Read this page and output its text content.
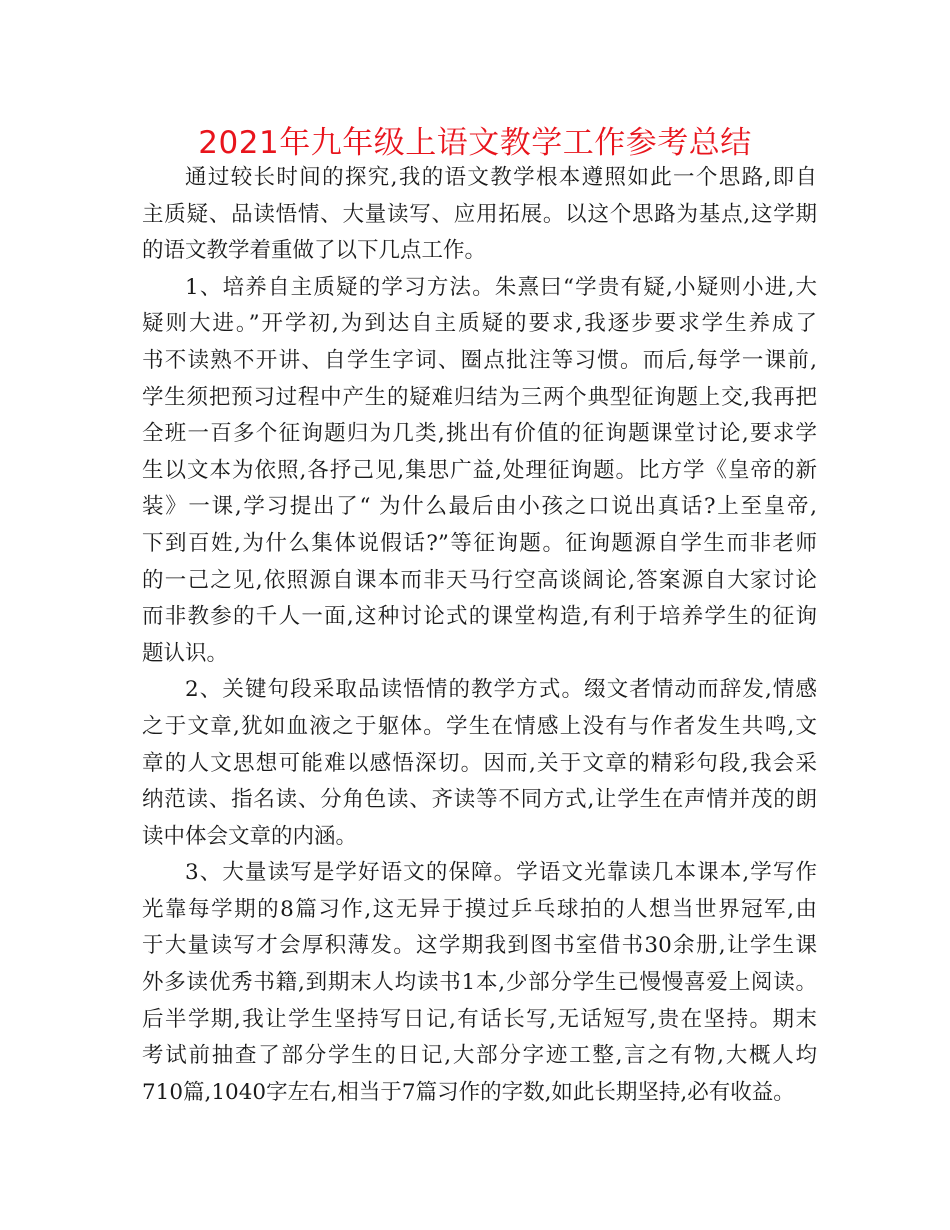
2021年九年级上语文教学工作参考总结
通过较长时间的探究,我的语文教学根本遵照如此一个思路,即自
主质疑、品读悟情、大量读写、应用拓展。以这个思路为基点,这学期
的语文教学着重做了以下几点工作。
1、培养自主质疑的学习方法。朱熹曰“学贵有疑,小疑则小进,大
疑则大进。”开学初,为到达自主质疑的要求,我逐步要求学生养成了
书不读熟不开讲、自学生字词、圈点批注等习惯。而后,每学一课前,
学生须把预习过程中产生的疑难归结为三两个典型征询题上交,我再把
全班一百多个征询题归为几类,挑出有价值的征询题课堂讨论,要求学
生以文本为依照,各抒己见,集思广益,处理征询题。比方学《皇帝的新
装》一课,学习提出了“ 为什么最后由小孩之口说出真话?上至皇帝,
下到百姓,为什么集体说假话?”等征询题。征询题源自学生而非老师
的一己之见,依照源自课本而非天马行空高谈阔论,答案源自大家讨论
而非教参的千人一面,这种讨论式的课堂构造,有利于培养学生的征询
题认识。
2、关键句段采取品读悟情的教学方式。缀文者情动而辞发,情感
之于文章,犹如血液之于躯体。学生在情感上没有与作者发生共鸣,文
章的人文思想可能难以感悟深切。因而,关于文章的精彩句段,我会采
纳范读、指名读、分角色读、齐读等不同方式,让学生在声情并茂的朗
读中体会文章的内涵。
3、大量读写是学好语文的保障。学语文光靠读几本课本,学写作
光靠每学期的8篇习作,这无异于摸过乒乓球拍的人想当世界冠军,由
于大量读写才会厚积薄发。这学期我到图书室借书30余册,让学生课
外多读优秀书籍,到期末人均读书1本,少部分学生已慢慢喜爱上阅读。
后半学期,我让学生坚持写日记,有话长写,无话短写,贵在坚持。期末
考试前抽查了部分学生的日记,大部分字迹工整,言之有物,大概人均
710篇,1040字左右,相当于7篇习作的字数,如此长期坚持,必有收益。
